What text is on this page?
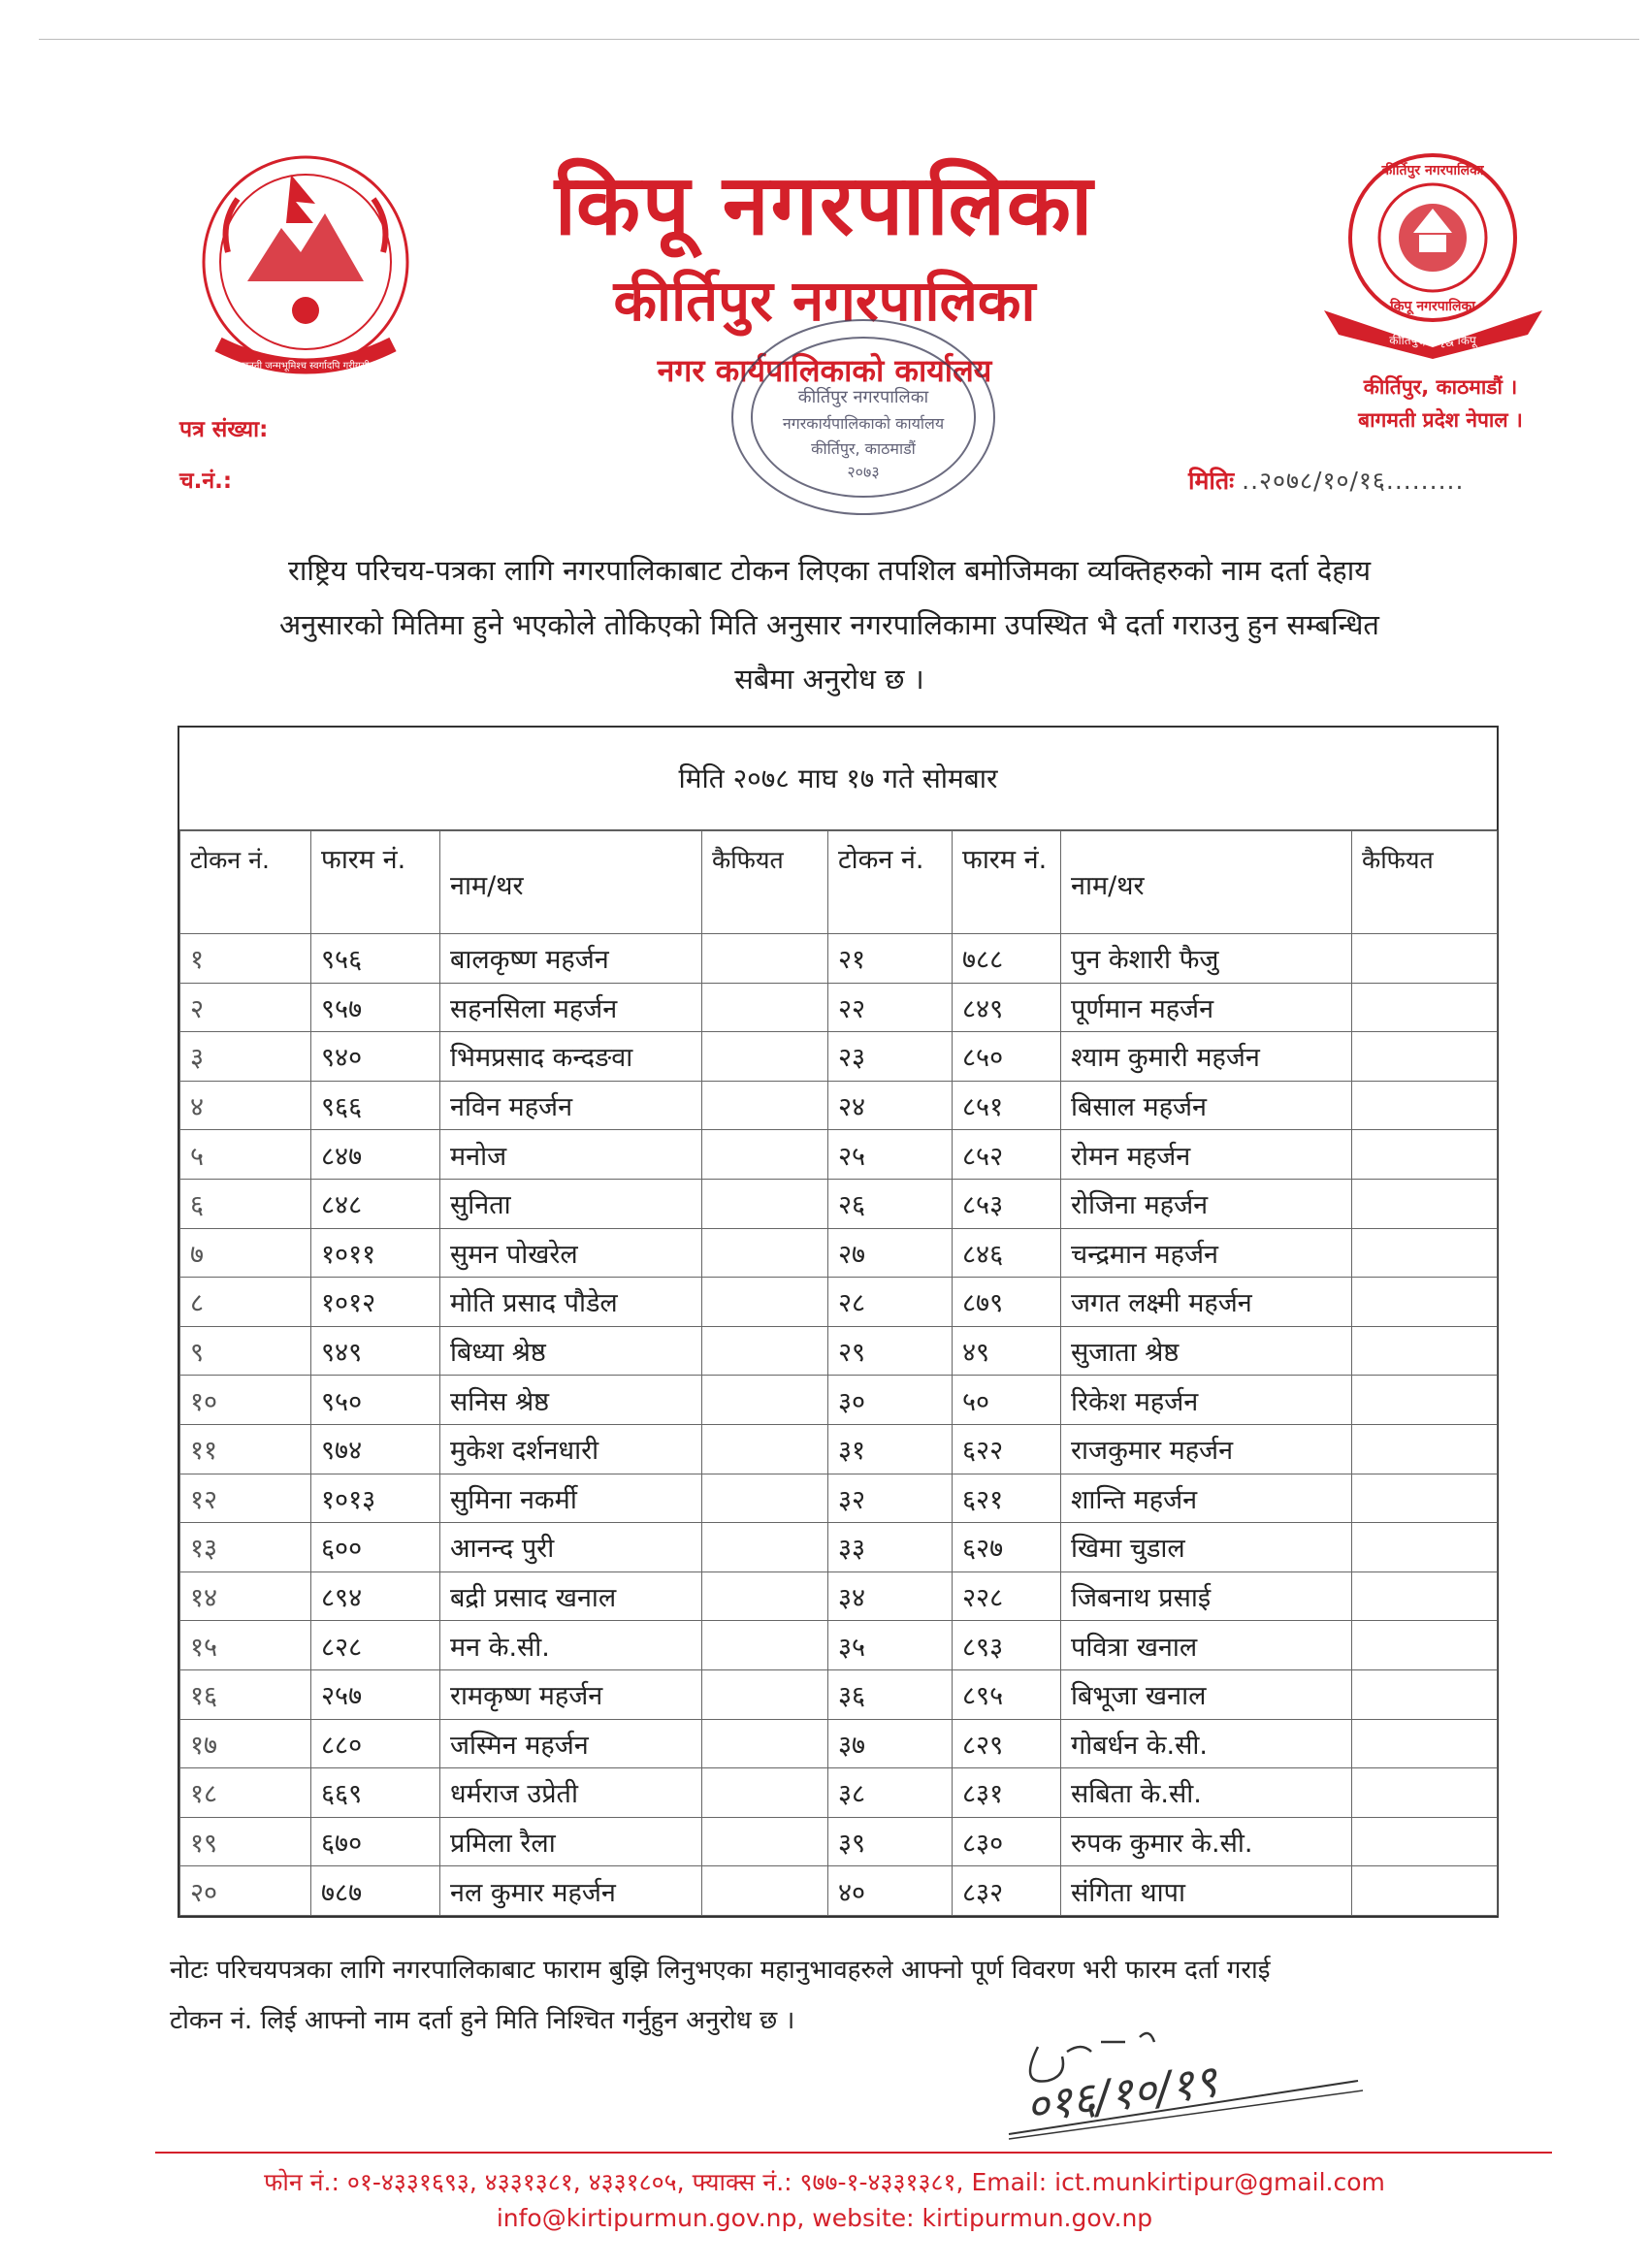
जननी जन्मभूमिश्च स्वर्गादपि गरीयसी
कीर्तिपुर, समृद्ध किपू
कीर्तिपुर नगरपालिका
किपू नगरपालिका
किपू नगरपालिका
कीर्तिपुर नगरपालिका
नगर कार्यपालिकाको कार्यालय	कीर्तिपुर, काठमाडौं ।
बागमती प्रदेश नेपाल ।
कीर्तिपुर नगरपालिका
नगरकार्यपालिकाको कार्यालय
कीर्तिपुर, काठमाडौं
२०७३
पत्र संख्या:
च.नं.:	मितिः ..२०७८/१०/१६.........
राष्ट्रिय परिचय-पत्रका लागि नगरपालिकाबाट टोकन लिएका तपशिल बमोजिमका व्यक्तिहरुको नाम दर्ता देहाय
अनुसारको मितिमा हुने भएकोले तोकिएको मिति अनुसार नगरपालिकामा उपस्थित भै दर्ता गराउनु हुन सम्बन्धित
सबैमा अनुरोध छ ।
मिति २०७८ माघ १७ गते सोमबार
टोकन नं.	फारम नं.	नाम/थर	कैफियत	टोकन नं.	फारम नं.	नाम/थर	कैफियत
१	९५६	बालकृष्ण महर्जन		२१	७८८	पुन केशारी फैजु	
२	९५७	सहनसिला महर्जन		२२	८४९	पूर्णमान महर्जन	
३	९४०	भिमप्रसाद कन्दङवा		२३	८५०	श्याम कुमारी महर्जन	
४	९६६	नविन महर्जन		२४	८५१	बिसाल महर्जन	
५	८४७	मनोज		२५	८५२	रोमन महर्जन	
६	८४८	सुनिता		२६	८५३	रोजिना महर्जन	
७	१०११	सुमन पोखरेल		२७	८४६	चन्द्रमान महर्जन	
८	१०१२	मोति प्रसाद पौडेल		२८	८७९	जगत लक्ष्मी महर्जन	
९	९४९	बिध्या श्रेष्ठ		२९	४९	सुजाता श्रेष्ठ	
१०	९५०	सनिस श्रेष्ठ		३०	५०	रिकेश महर्जन	
११	९७४	मुकेश दर्शनधारी		३१	६२२	राजकुमार महर्जन	
१२	१०१३	सुमिना नकर्मी		३२	६२१	शान्ति महर्जन	
१३	६००	आनन्द पुरी		३३	६२७	खिमा चुडाल	
१४	८९४	बद्री प्रसाद खनाल		३४	२२८	जिबनाथ प्रसाई	
१५	८२८	मन के.सी.		३५	८९३	पवित्रा खनाल	
१६	२५७	रामकृष्ण महर्जन		३६	८९५	बिभूजा खनाल	
१७	८८०	जस्मिन महर्जन		३७	८२९	गोबर्धन के.सी.	
१८	६६९	धर्मराज उप्रेती		३८	८३१	सबिता के.सी.	
१९	६७०	प्रमिला रैला		३९	८३०	रुपक कुमार के.सी.	
२०	७८७	नल कुमार महर्जन		४०	८३२	संगिता थापा	
नोटः परिचयपत्रका लागि नगरपालिकाबाट फाराम बुझि लिनुभएका महानुभावहरुले आफ्नो पूर्ण विवरण भरी फारम दर्ता गराई
टोकन नं. लिई आफ्नो नाम दर्ता हुने मिति निश्चित गर्नुहुन अनुरोध छ ।
०१६/१०/१९
फोन नं.: ०१-४३३१६९३, ४३३१३८१, ४३३१८०५, फ्याक्स नं.: ९७७-१-४३३१३८१, Email: ict.munkirtipur@gmail.com
info@kirtipurmun.gov.np, website: kirtipurmun.gov.np
